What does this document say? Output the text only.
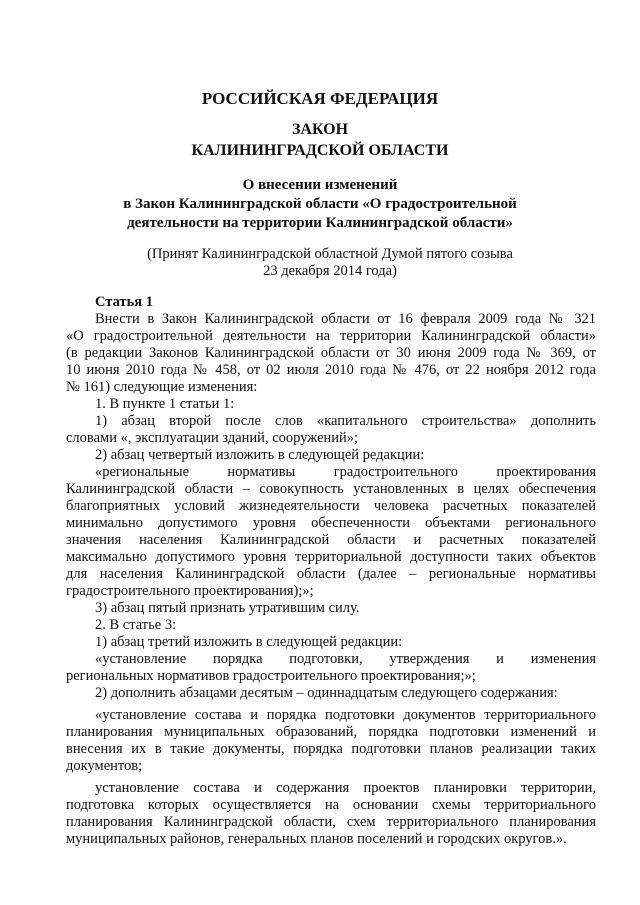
РОССИЙСКАЯ ФЕДЕРАЦИЯ
ЗАКОН
КАЛИНИНГРАДСКОЙ ОБЛАСТИ
О внесении изменений
в Закон Калининградской области «О градостроительной
деятельности на территории Калининградской области»
(Принят Калининградской областной Думой пятого созыва
23 декабря 2014 года)
Статья 1
Внести в Закон Калининградской области от 16 февраля 2009 года № 321
«О градостроительной деятельности на территории Калининградской области»
(в редакции Законов Калининградской области от 30 июня 2009 года № 369, от
10 июня 2010 года № 458, от 02 июля 2010 года № 476, от 22 ноября 2012 года
№ 161) следующие изменения:
1. В пункте 1 статьи 1:
1) абзац второй после слов «капитального строительства» дополнить
словами «, эксплуатации зданий, сооружений»;
2) абзац четвертый изложить в следующей редакции:
«региональные нормативы градостроительного проектирования
Калининградской области – совокупность установленных в целях обеспечения
благоприятных условий жизнедеятельности человека расчетных показателей
минимально допустимого уровня обеспеченности объектами регионального
значения населения Калининградской области и расчетных показателей
максимально допустимого уровня территориальной доступности таких объектов
для населения Калининградской области (далее – региональные нормативы
градостроительного проектирования);»;
3) абзац пятый признать утратившим силу.
2. В статье 3:
1) абзац третий изложить в следующей редакции:
«установление порядка подготовки, утверждения и изменения
региональных нормативов градостроительного проектирования;»;
2) дополнить абзацами десятым – одиннадцатым следующего содержания:
«установление состава и порядка подготовки документов территориального
планирования муниципальных образований, порядка подготовки изменений и
внесения их в такие документы, порядка подготовки планов реализации таких
документов;
установление состава и содержания проектов планировки территории,
подготовка которых осуществляется на основании схемы территориального
планирования Калининградской области, схем территориального планирования
муниципальных районов, генеральных планов поселений и городских округов.».
